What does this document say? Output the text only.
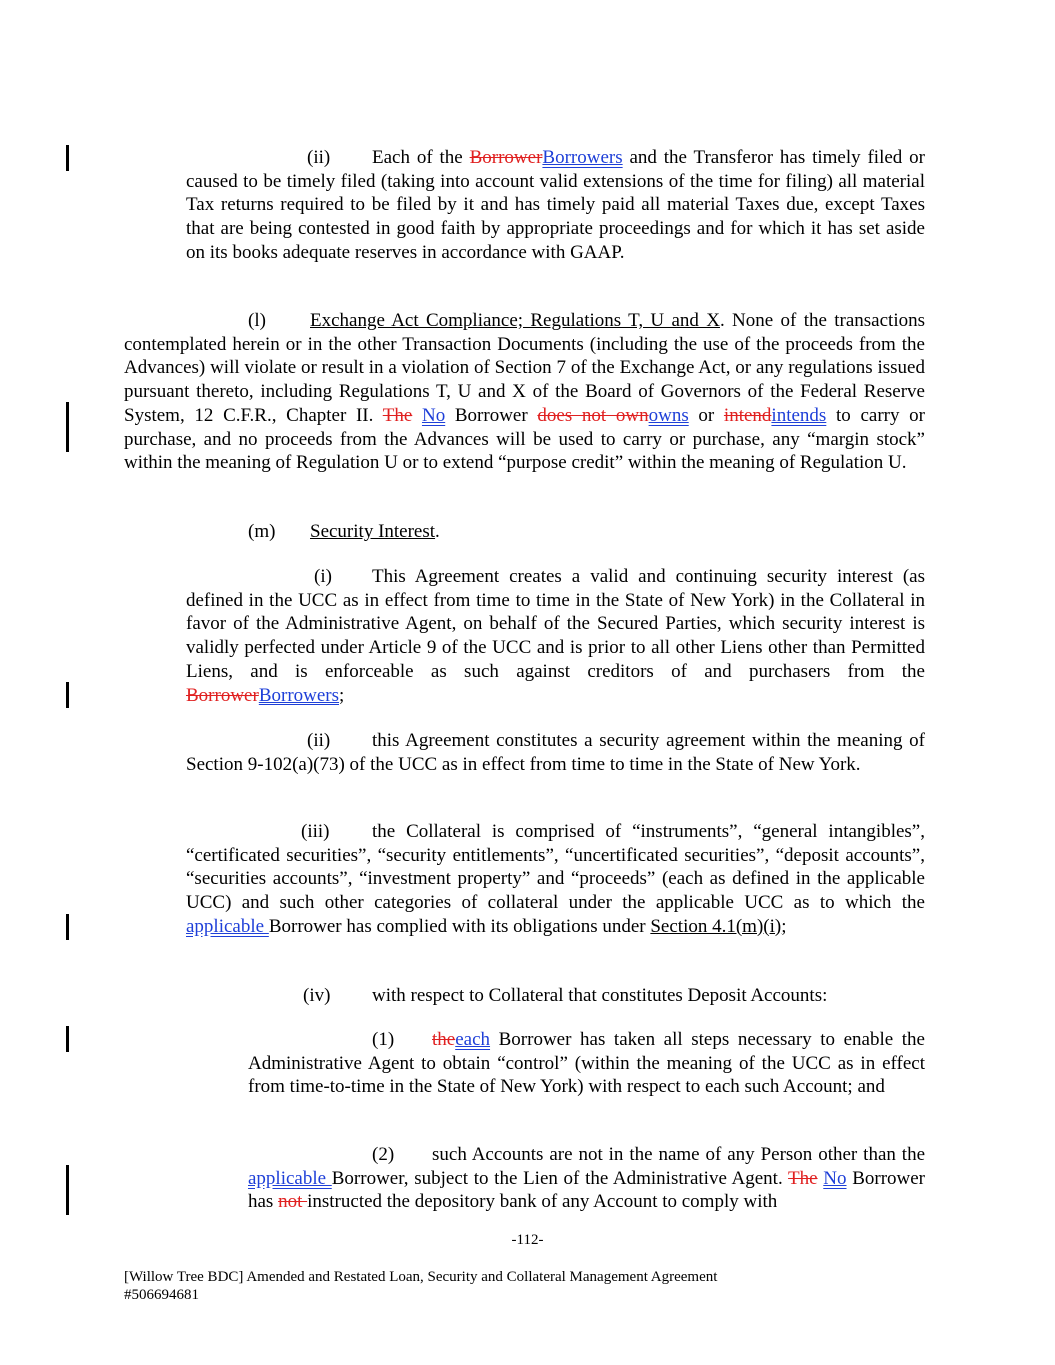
(ii) Each of the BorrowerBorrowers and the Transferor has timely filed or caused to be timely filed (taking into account valid extensions of the time for filing) all material Tax returns required to be filed by it and has timely paid all material Taxes due, except Taxes that are being contested in good faith by appropriate proceedings and for which it has set aside on its books adequate reserves in accordance with GAAP.

(l) Exchange Act Compliance; Regulations T, U and X. None of the transactions contemplated herein or in the other Transaction Documents (including the use of the proceeds from the Advances) will violate or result in a violation of Section 7 of the Exchange Act, or any regulations issued pursuant thereto, including Regulations T, U and X of the Board of Governors of the Federal Reserve System, 12 C.F.R., Chapter II. The No Borrower does not ownowns or intendintends to carry or purchase, and no proceeds from the Advances will be used to carry or purchase, any “margin stock” within the meaning of Regulation U or to extend “purpose credit” within the meaning of Regulation U.

(m) Security Interest.

(i) This Agreement creates a valid and continuing security interest (as defined in the UCC as in effect from time to time in the State of New York) in the Collateral in favor of the Administrative Agent, on behalf of the Secured Parties, which security interest is validly perfected under Article 9 of the UCC and is prior to all other Liens other than Permitted Liens, and is enforceable as such against creditors of and purchasers from the BorrowerBorrowers;

(ii) this Agreement constitutes a security agreement within the meaning of Section 9-102(a)(73) of the UCC as in effect from time to time in the State of New York.

(iii) the Collateral is comprised of “instruments”, “general intangibles”, “certificated securities”, “security entitlements”, “uncertificated securities”, “deposit accounts”, “securities accounts”, “investment property” and “proceeds” (each as defined in the applicable UCC) and such other categories of collateral under the applicable UCC as to which the applicable Borrower has complied with its obligations under Section 4.1(m)(i);

(iv) with respect to Collateral that constitutes Deposit Accounts:

(1) theeach Borrower has taken all steps necessary to enable the Administrative Agent to obtain “control” (within the meaning of the UCC as in effect from time-to-time in the State of New York) with respect to each such Account; and

(2) such Accounts are not in the name of any Person other than the applicable Borrower, subject to the Lien of the Administrative Agent. The No Borrower has not instructed the depository bank of any Account to comply with

-112-
[Willow Tree BDC] Amended and Restated Loan, Security and Collateral Management Agreement
#506694681
